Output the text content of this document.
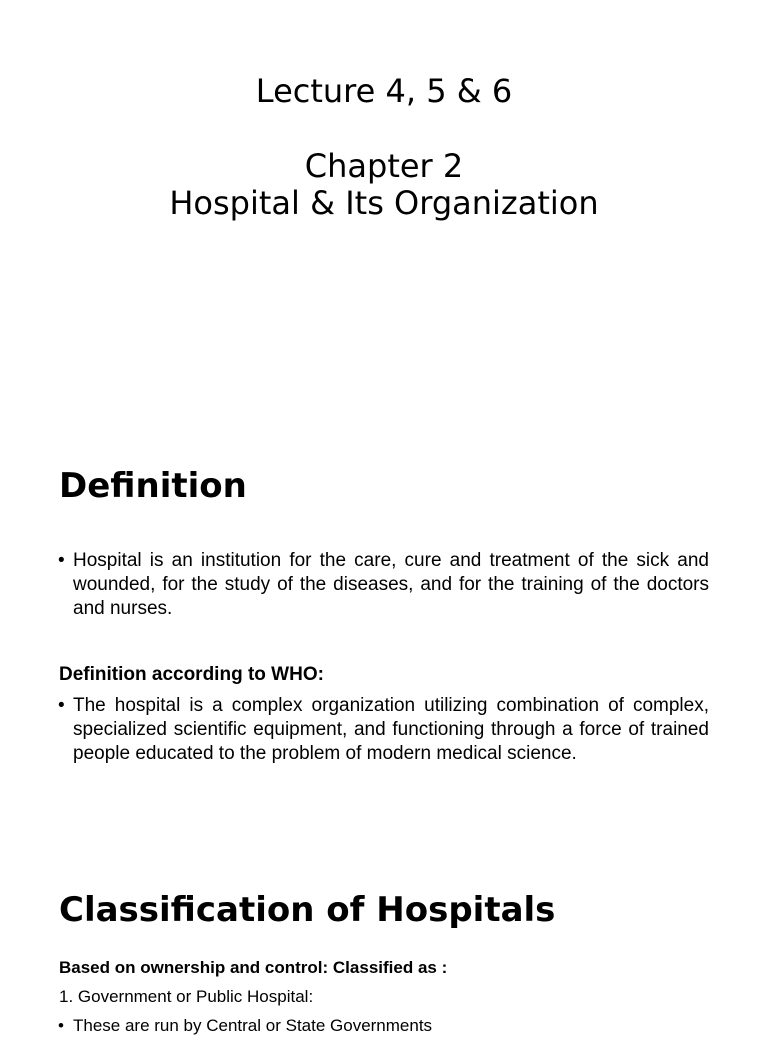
Lecture 4, 5 & 6
Chapter 2
Hospital & Its Organization
Definition
• Hospital is an institution for the care, cure and treatment of the sick and wounded, for the study of the diseases, and for the training of the doctors and nurses.
Definition according to WHO:
• The hospital is a complex organization utilizing combination of complex, specialized scientific equipment, and functioning through a force of trained people educated to the problem of modern medical science.
Classification of Hospitals
Based on ownership and control: Classified as :
1. Government or Public Hospital:
• These are run by Central or State Governments
